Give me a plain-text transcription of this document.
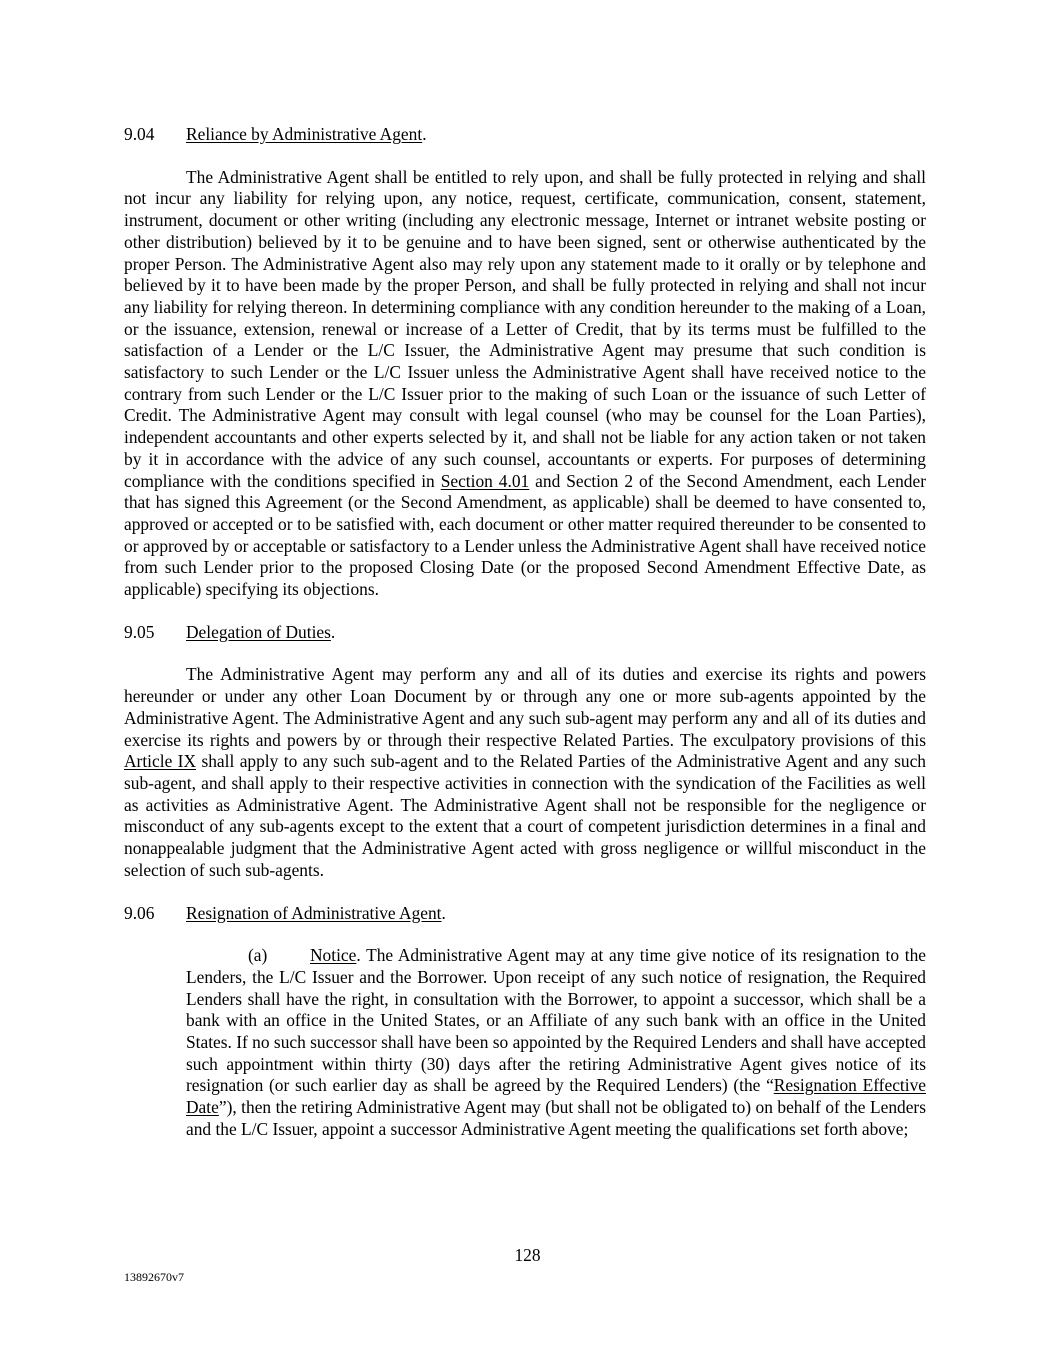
9.04 Reliance by Administrative Agent.

The Administrative Agent shall be entitled to rely upon, and shall be fully protected in relying and shall not incur any liability for relying upon, any notice, request, certificate, communication, consent, statement, instrument, document or other writing (including any electronic message, Internet or intranet website posting or other distribution) believed by it to be genuine and to have been signed, sent or otherwise authenticated by the proper Person. The Administrative Agent also may rely upon any statement made to it orally or by telephone and believed by it to have been made by the proper Person, and shall be fully protected in relying and shall not incur any liability for relying thereon. In determining compliance with any condition hereunder to the making of a Loan, or the issuance, extension, renewal or increase of a Letter of Credit, that by its terms must be fulfilled to the satisfaction of a Lender or the L/C Issuer, the Administrative Agent may presume that such condition is satisfactory to such Lender or the L/C Issuer unless the Administrative Agent shall have received notice to the contrary from such Lender or the L/C Issuer prior to the making of such Loan or the issuance of such Letter of Credit. The Administrative Agent may consult with legal counsel (who may be counsel for the Loan Parties), independent accountants and other experts selected by it, and shall not be liable for any action taken or not taken by it in accordance with the advice of any such counsel, accountants or experts. For purposes of determining compliance with the conditions specified in Section 4.01 and Section 2 of the Second Amendment, each Lender that has signed this Agreement (or the Second Amendment, as applicable) shall be deemed to have consented to, approved or accepted or to be satisfied with, each document or other matter required thereunder to be consented to or approved by or acceptable or satisfactory to a Lender unless the Administrative Agent shall have received notice from such Lender prior to the proposed Closing Date (or the proposed Second Amendment Effective Date, as applicable) specifying its objections.

9.05 Delegation of Duties.

The Administrative Agent may perform any and all of its duties and exercise its rights and powers hereunder or under any other Loan Document by or through any one or more sub-agents appointed by the Administrative Agent. The Administrative Agent and any such sub-agent may perform any and all of its duties and exercise its rights and powers by or through their respective Related Parties. The exculpatory provisions of this Article IX shall apply to any such sub-agent and to the Related Parties of the Administrative Agent and any such sub-agent, and shall apply to their respective activities in connection with the syndication of the Facilities as well as activities as Administrative Agent. The Administrative Agent shall not be responsible for the negligence or misconduct of any sub-agents except to the extent that a court of competent jurisdiction determines in a final and nonappealable judgment that the Administrative Agent acted with gross negligence or willful misconduct in the selection of such sub-agents.

9.06 Resignation of Administrative Agent.

(a) Notice. The Administrative Agent may at any time give notice of its resignation to the Lenders, the L/C Issuer and the Borrower. Upon receipt of any such notice of resignation, the Required Lenders shall have the right, in consultation with the Borrower, to appoint a successor, which shall be a bank with an office in the United States, or an Affiliate of any such bank with an office in the United States. If no such successor shall have been so appointed by the Required Lenders and shall have accepted such appointment within thirty (30) days after the retiring Administrative Agent gives notice of its resignation (or such earlier day as shall be agreed by the Required Lenders) (the “Resignation Effective Date”), then the retiring Administrative Agent may (but shall not be obligated to) on behalf of the Lenders and the L/C Issuer, appoint a successor Administrative Agent meeting the qualifications set forth above;

128
13892670v7
